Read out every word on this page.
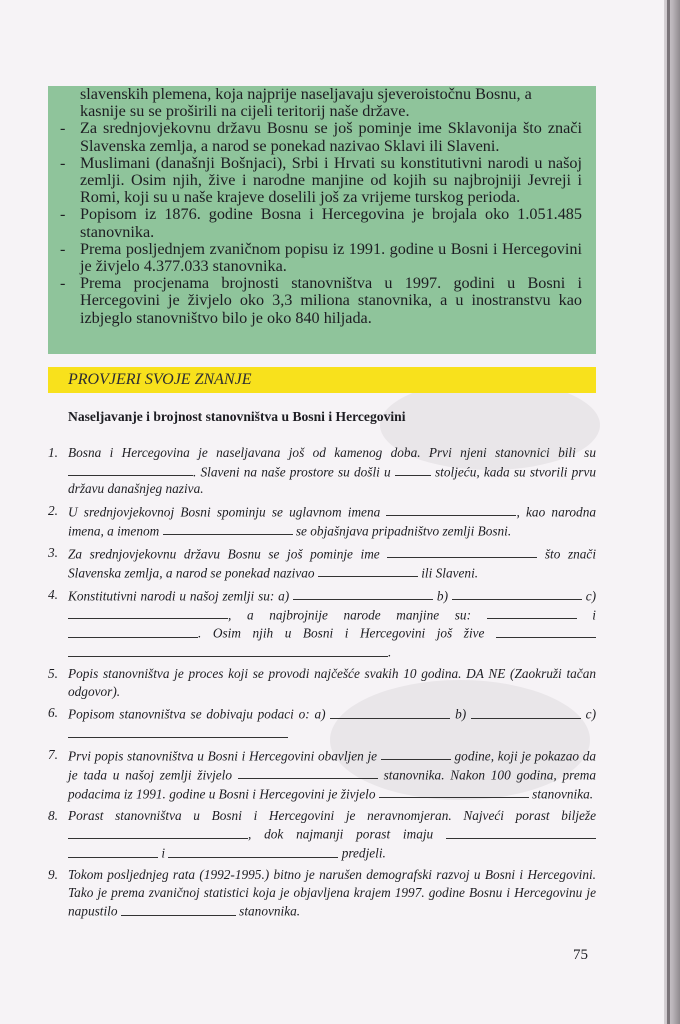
slavenskih plemena, koja najprije naseljavaju sjeveroistočnu Bosnu, a

kasnije su se proširili na cijeli teritorij naše države.

- Za srednjovjekovnu državu Bosnu se još pominje ime Sklavonija što znači Slavenska zemlja, a narod se ponekad nazivao Sklavi ili Slaveni.

- Muslimani (današnji Bošnjaci), Srbi i Hrvati su konstitutivni narodi u našoj zemlji. Osim njih, žive i narodne manjine od kojih su najbrojniji Jevreji i Romi, koji su u naše krajeve doselili još za vrijeme turskog perioda.

- Popisom iz 1876. godine Bosna i Hercegovina je brojala oko 1.051.485 stanovnika.

- Prema posljednjem zvaničnom popisu iz 1991. godine u Bosni i Hercegovini je živjelo 4.377.033 stanovnika.

- Prema procjenama brojnosti stanovništva u 1997. godini u Bosni i Hercegovini je živjelo oko 3,3 miliona stanovnika, a u inostranstvu kao izbjeglo stanovništvo bilo je oko 840 hiljada.

PROVJERI SVOJE ZNANJE
Naseljavanje i brojnost stanovništva u Bosni i Hercegovini
1. Bosna i Hercegovina je naseljavana još od kamenog doba. Prvi njeni stanovnici bili su . Slaveni na naše prostore su došli u	stoljeću, kada su stvorili prvu državu današnjeg naziva.
2. U srednjovjekovnoj Bosni spominju se uglavnom imena	, kao narodna imena, a imenom	se objašnjava pripadništvo zemlji Bosni.
3. Za srednjovjekovnu državu Bosnu se još pominje ime	što znači Slavenska zemlja, a narod se ponekad nazivao	ili Slaveni.
4. Konstitutivni narodi u našoj zemlji su: a)	b)	c) , a najbrojnije narode manjine su:	i . Osim njih u Bosni i Hercegovini još žive  .
5. Popis stanovništva je proces koji se provodi najčešće svakih 10 godina. DA NE (Zaokruži tačan odgovor).
6. Popisom stanovništva se dobivaju podaci o: a)	b)	c)
7. Prvi popis stanovništva u Bosni i Hercegovini obavljen je	godine, koji je pokazao da je tada u našoj zemlji živjelo	stanovnika. Nakon 100 godina, prema podacima iz 1991. godine u Bosni i Hercegovini je živjelo	stanovnika.
8. Porast stanovništva u Bosni i Hercegovini je neravnomjeran. Najveći porast bilježe , dok najmanji porast imaju   i	predjeli.
9. Tokom posljednjeg rata (1992-1995.) bitno je narušen demografski razvoj u Bosni i Hercegovini. Tako je prema zvaničnoj statistici koja je objavljena krajem 1997. godine Bosnu i Hercegovinu je napustilo	stanovnika.
75
